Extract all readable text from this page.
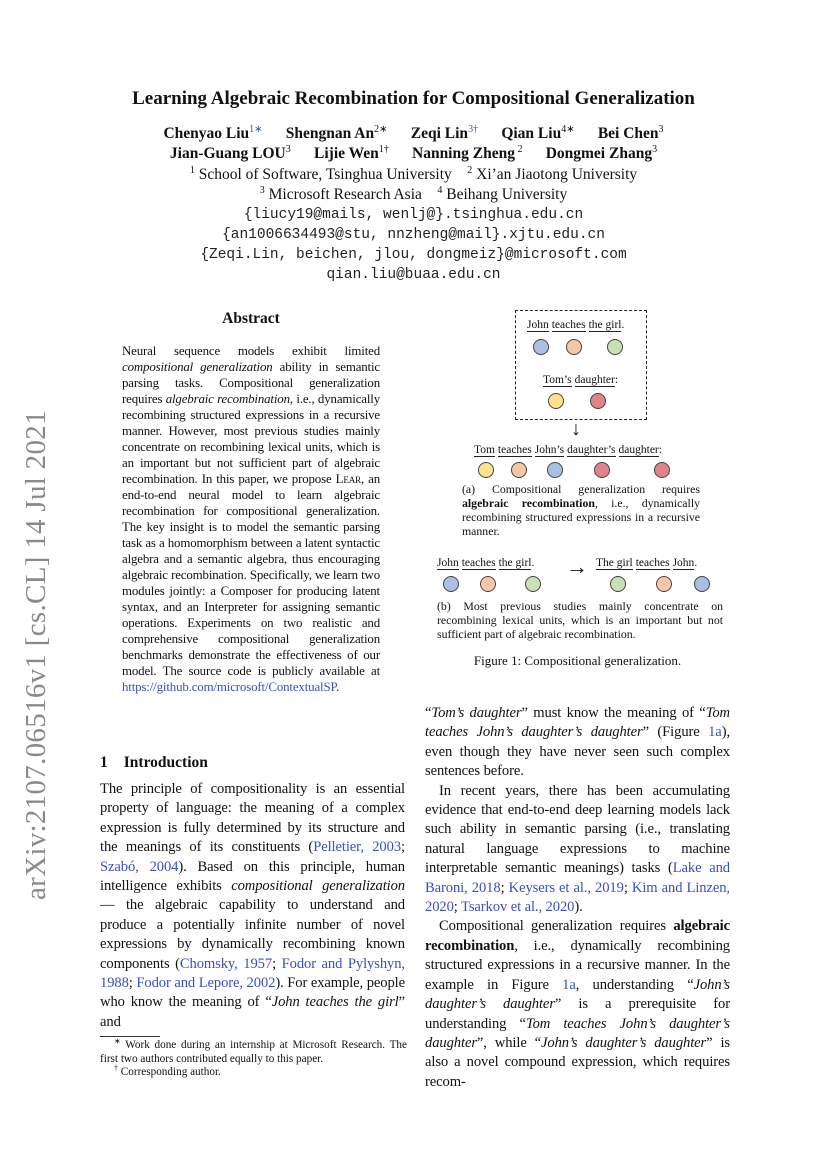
arXiv:2107.06516v1 [cs.CL] 14 Jul 2021
Learning Algebraic Recombination for Compositional Generalization
Chenyao Liu$^{1∗}$ Shengnan $An^{2∗}$ Zeqi Lin$^{3\dagger}$ Qian Liu$^{4∗}$ Bei Chen$^3$
Jian-Guang LOU$^3$ Lijie Wen$^{1\dagger}$ Nanning Zheng $^2$ Dongmei Zhang$^3$
$^1$ School of Software, Tsinghua University $^2$ Xi’an Jiaotong University
$^3$ Microsoft Research Asia $^4$ Beihang University
{liucy19@mails, wenlj@}.tsinghua.edu.cn
{an1006634493@stu, nnzheng@mail}.xjtu.edu.cn
{Zeqi.Lin, beichen, jlou, dongmeiz}@microsoft.com
qian.liu@buaa.edu.cn
Abstract

Neural sequence models exhibit limited compositional generalization ability in semantic parsing tasks. Compositional generalization requires algebraic recombination, i.e., dynamically recombining structured expressions in a recursive manner. However, most previous studies mainly concentrate on recombining lexical units, which is an important but not sufficient part of algebraic recombination. In this paper, we propose Lear, an end-to-end neural model to learn algebraic recombination for compositional generalization. The key insight is to model the semantic parsing task as a homomorphism between a latent syntactic algebra and a semantic algebra, thus encouraging algebraic recombination. Specifically, we learn two modules jointly: a Composer for producing latent syntax, and an Interpreter for assigning semantic operations. Experiments on two realistic and comprehensive compositional generalization benchmarks demonstrate the effectiveness of our model. The source code is publicly available at https://github.com/microsoft/ContextualSP.

1 Introduction

The principle of compositionality is an essential property of language: the meaning of a complex expression is fully determined by its structure and the meanings of its constituents (Pelletier, 2003; Szabó, 2004). Based on this principle, human intelligence exhibits compositional generalization — the algebraic capability to understand and produce a potentially infinite number of novel expressions by dynamically recombining known components (Chomsky, 1957; Fodor and Pylyshyn, 1988; Fodor and Lepore, 2002). For example, people who know the meaning of “John teaches the girl” and

∗ Work done during an internship at Microsoft Research. The first two authors contributed equally to this paper.

† Corresponding author.

“Tom’s daughter” must know the meaning of “Tom teaches John’s daughter’s daughter” (Figure 1a), even though they have never seen such complex sentences before.

In recent years, there has been accumulating evidence that end-to-end deep learning models lack such ability in semantic parsing (i.e., translating natural language expressions to machine interpretable semantic meanings) tasks (Lake and Baroni, 2018; Keysers et al., 2019; Kim and Linzen, 2020; Tsarkov et al., 2020).

Compositional generalization requires algebraic recombination, i.e., dynamically recombining structured expressions in a recursive manner. In the example in Figure 1a, understanding “John’s daughter’s daughter” is a prerequisite for understanding “Tom teaches John’s daughter’s daughter”, while “John’s daughter’s daughter” is also a novel compound expression, which requires recom-

John teaches the girl.
Tom’s daughter:
↓
Tom teaches John’s daughter’s daughter:
(a) Compositional generalization requires algebraic recombination, i.e., dynamically recombining structured expressions in a recursive manner.
John teaches the girl. → The girl teaches John.
(b) Most previous studies mainly concentrate on recombining lexical units, which is an important but not sufficient part of algebraic recombination.
Figure 1: Compositional generalization.
